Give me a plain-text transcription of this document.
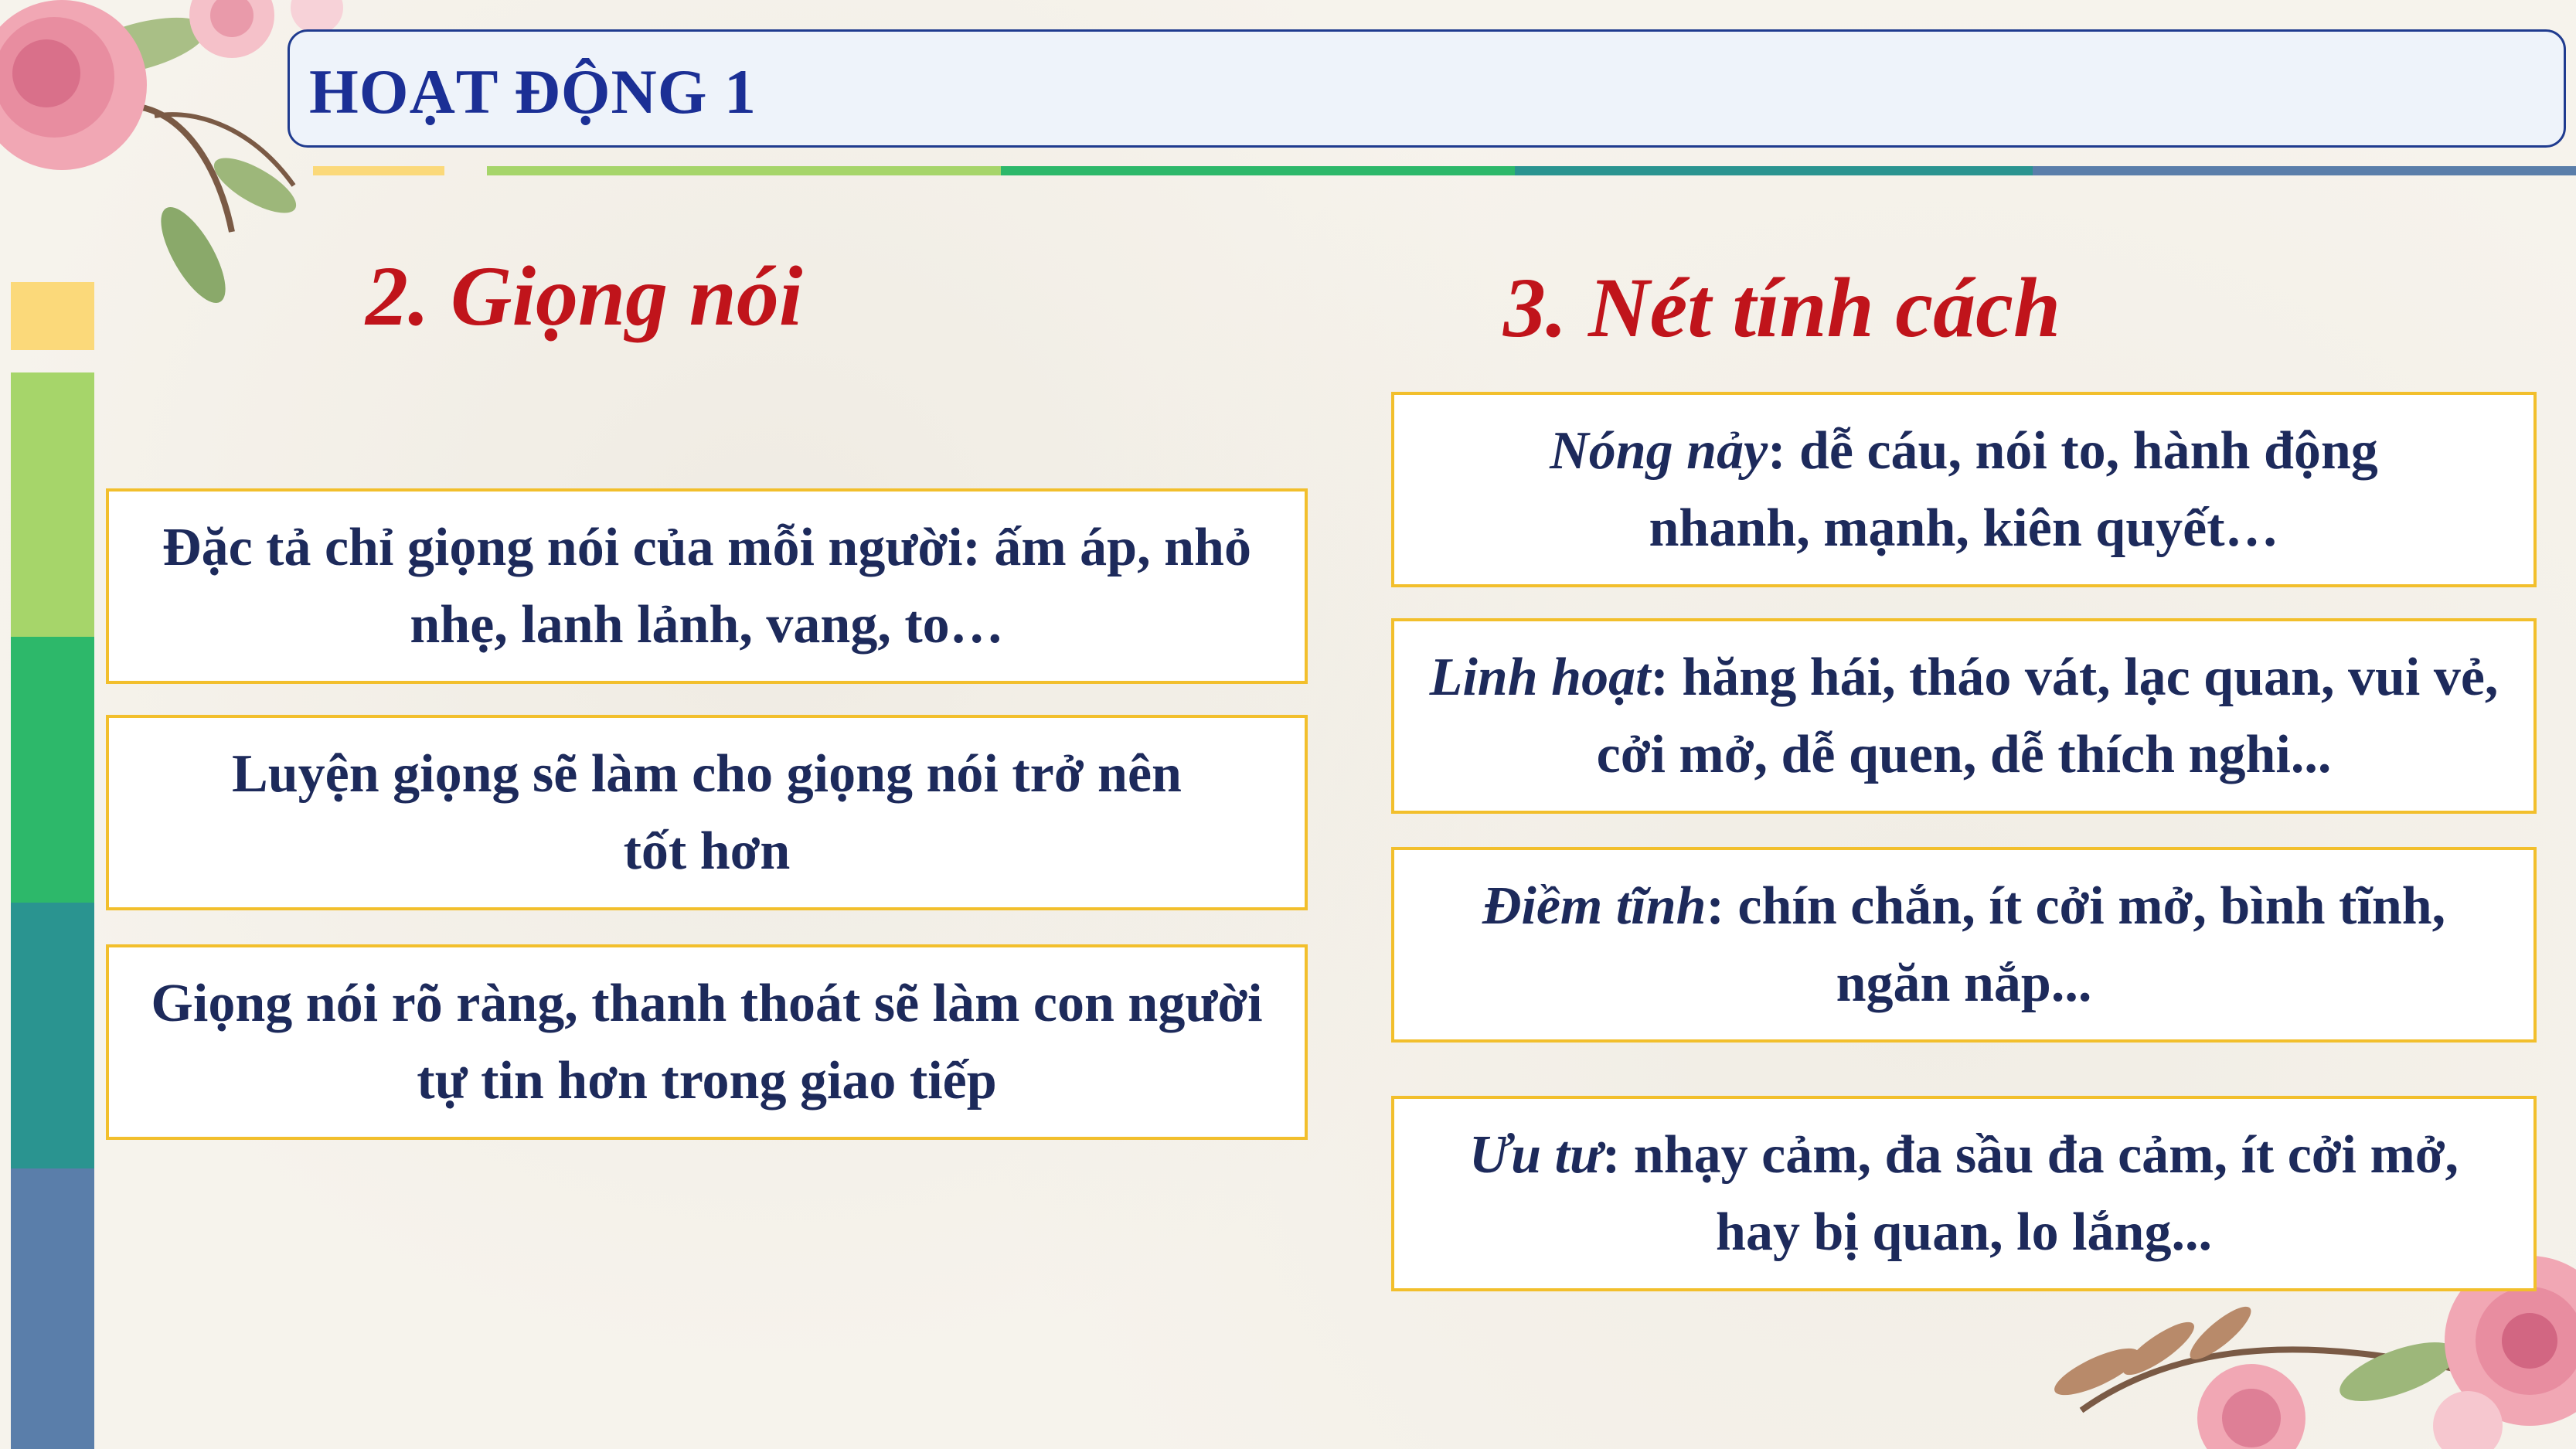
HOẠT ĐỘNG 1
2. Giọng nói	3. Nét tính cách
Đặc tả chỉ giọng nói của mỗi người: ấm áp, nhỏ nhẹ, lanh lảnh, vang, to…
Luyện giọng sẽ làm cho giọng nói trở nên tốt hơn
Giọng nói rõ ràng, thanh thoát sẽ làm con người tự tin hơn trong giao tiếp
Nóng nảy: dễ cáu, nói to, hành động nhanh, mạnh, kiên quyết…
Linh hoạt: hăng hái, tháo vát, lạc quan, vui vẻ, cởi mở, dễ quen, dễ thích nghi...
Điềm tĩnh: chín chắn, ít cởi mở, bình tĩnh, ngăn nắp...
Ưu tư: nhạy cảm, đa sầu đa cảm, ít cởi mở, hay bị quan, lo lắng...
